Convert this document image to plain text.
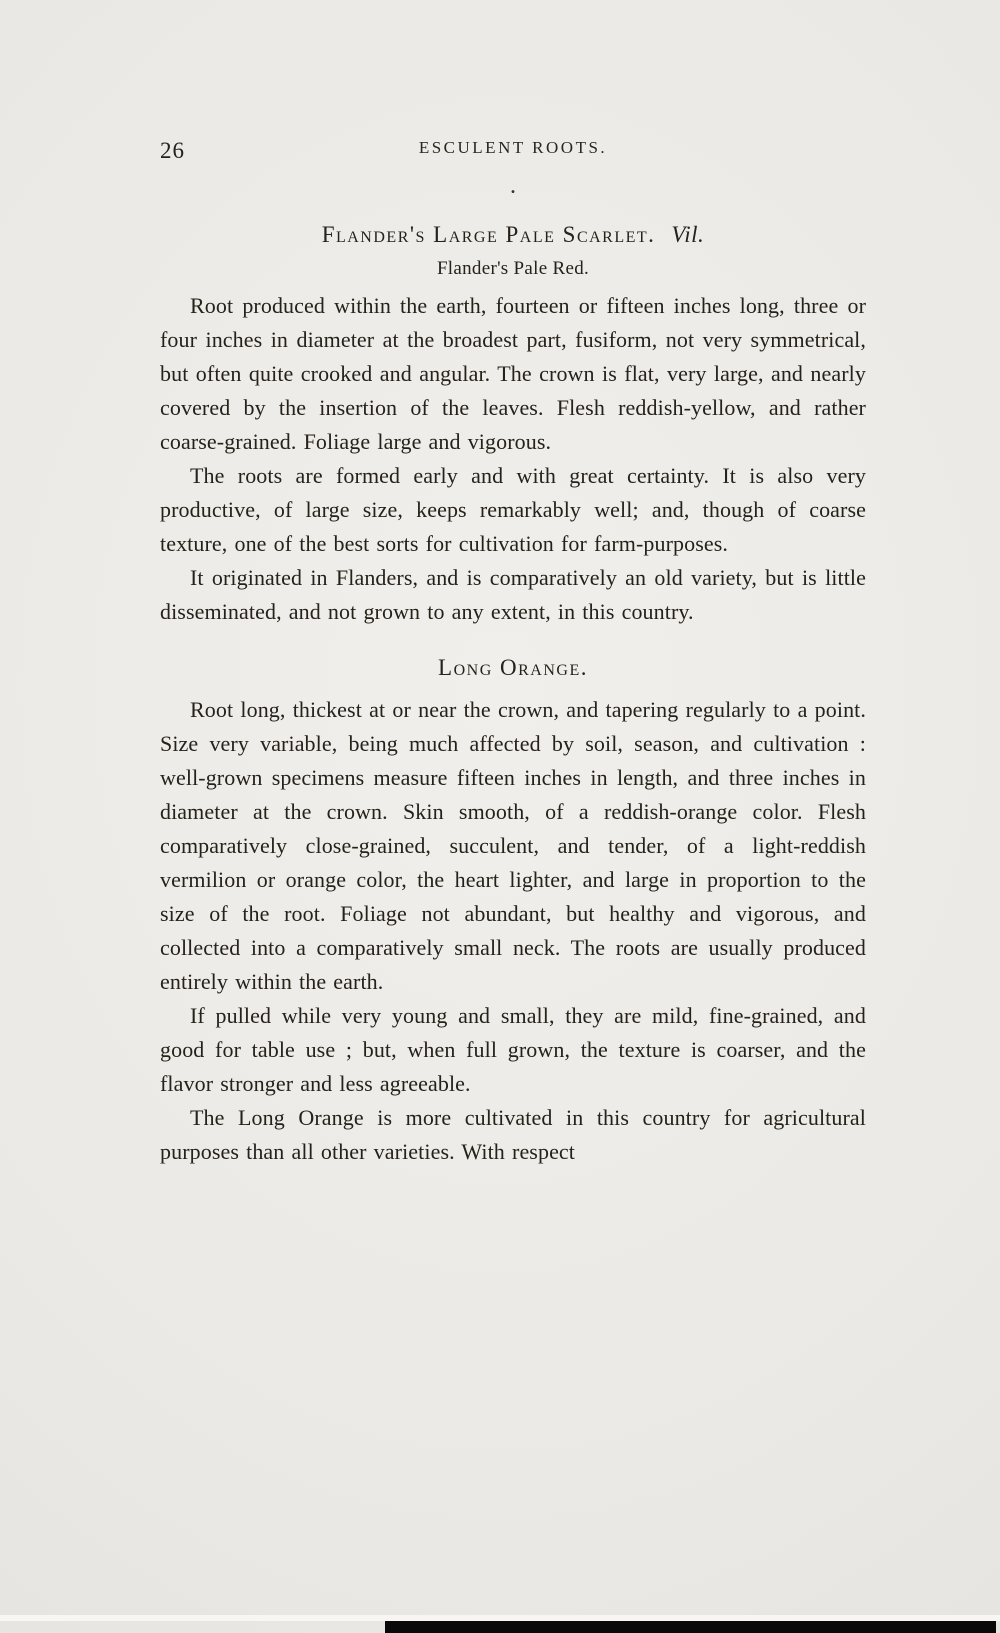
26	ESCULENT ROOTS.
.
Flander's Large Pale Scarlet. Vil.
Flander's Pale Red.

Root produced within the earth, fourteen or fifteen inches long, three or four inches in diameter at the broadest part, fusiform, not very symmetrical, but often quite crooked and angular. The crown is flat, very large, and nearly covered by the insertion of the leaves. Flesh reddish-yellow, and rather coarse-grained. Foliage large and vigorous.

The roots are formed early and with great certainty. It is also very productive, of large size, keeps remarkably well; and, though of coarse texture, one of the best sorts for cultivation for farm-purposes.

It originated in Flanders, and is comparatively an old variety, but is little disseminated, and not grown to any extent, in this country.

Long Orange.

Root long, thickest at or near the crown, and tapering regularly to a point. Size very variable, being much affected by soil, season, and cultivation : well-grown specimens measure fifteen inches in length, and three inches in diameter at the crown. Skin smooth, of a reddish-orange color. Flesh comparatively close-grained, succulent, and tender, of a light-reddish vermilion or orange color, the heart lighter, and large in proportion to the size of the root. Foliage not abundant, but healthy and vigorous, and collected into a comparatively small neck. The roots are usually produced entirely within the earth.

If pulled while very young and small, they are mild, fine-grained, and good for table use ; but, when full grown, the texture is coarser, and the flavor stronger and less agreeable.

The Long Orange is more cultivated in this country for agricultural purposes than all other varieties. With respect
